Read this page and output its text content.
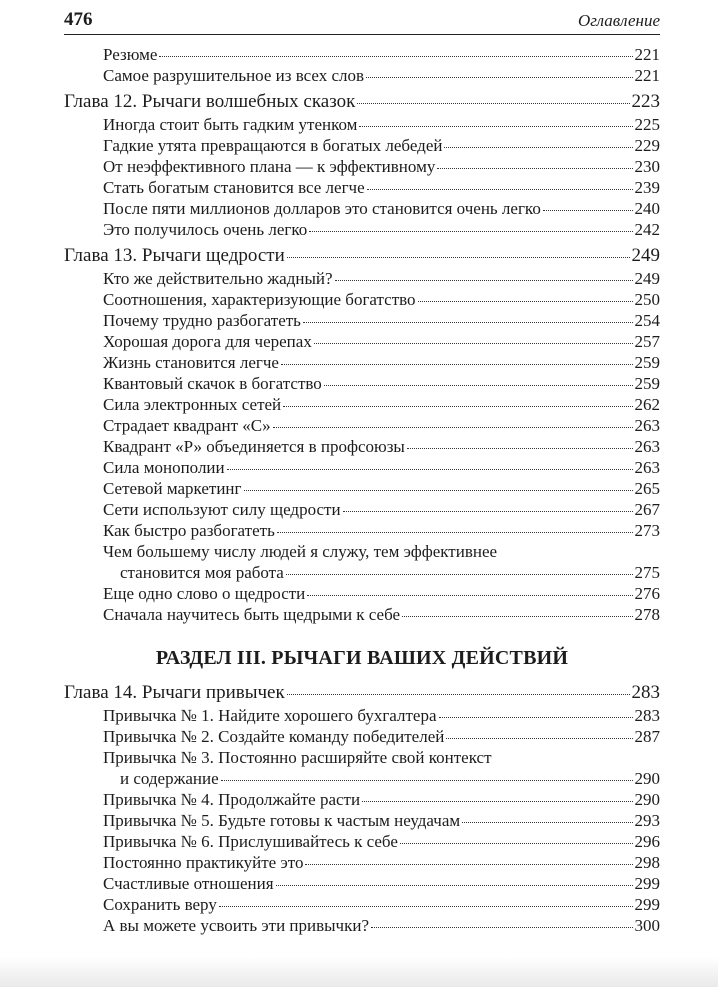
476	Оглавление
Резюме	221
Самое разрушительное из всех слов	221
Глава 12. Рычаги волшебных сказок	223
Иногда стоит быть гадким утенком	225
Гадкие утята превращаются в богатых лебедей	229
От неэффективного плана — к эффективному	230
Стать богатым становится все легче	239
После пяти миллионов долларов это становится очень легко	240
Это получилось очень легко	242
Глава 13. Рычаги щедрости	249
Кто же действительно жадный?	249
Соотношения, характеризующие богатство	250
Почему трудно разбогатеть	254
Хорошая дорога для черепах	257
Жизнь становится легче	259
Квантовый скачок в богатство	259
Сила электронных сетей	262
Страдает квадрант «С»	263
Квадрант «Р» объединяется в профсоюзы	263
Сила монополии	263
Сетевой маркетинг	265
Сети используют силу щедрости	267
Как быстро разбогатеть	273
Чем большему числу людей я служу, тем эффективнее
становится моя работа	275
Еще одно слово о щедрости	276
Сначала научитесь быть щедрыми к себе	278
РАЗДЕЛ III. РЫЧАГИ ВАШИХ ДЕЙСТВИЙ
Глава 14. Рычаги привычек	283
Привычка № 1. Найдите хорошего бухгалтера	283
Привычка № 2. Создайте команду победителей	287
Привычка № 3. Постоянно расширяйте свой контекст
и содержание	290
Привычка № 4. Продолжайте расти	290
Привычка № 5. Будьте готовы к частым неудачам	293
Привычка № 6. Прислушивайтесь к себе	296
Постоянно практикуйте это	298
Счастливые отношения	299
Сохранить веру	299
А вы можете усвоить эти привычки?	300
